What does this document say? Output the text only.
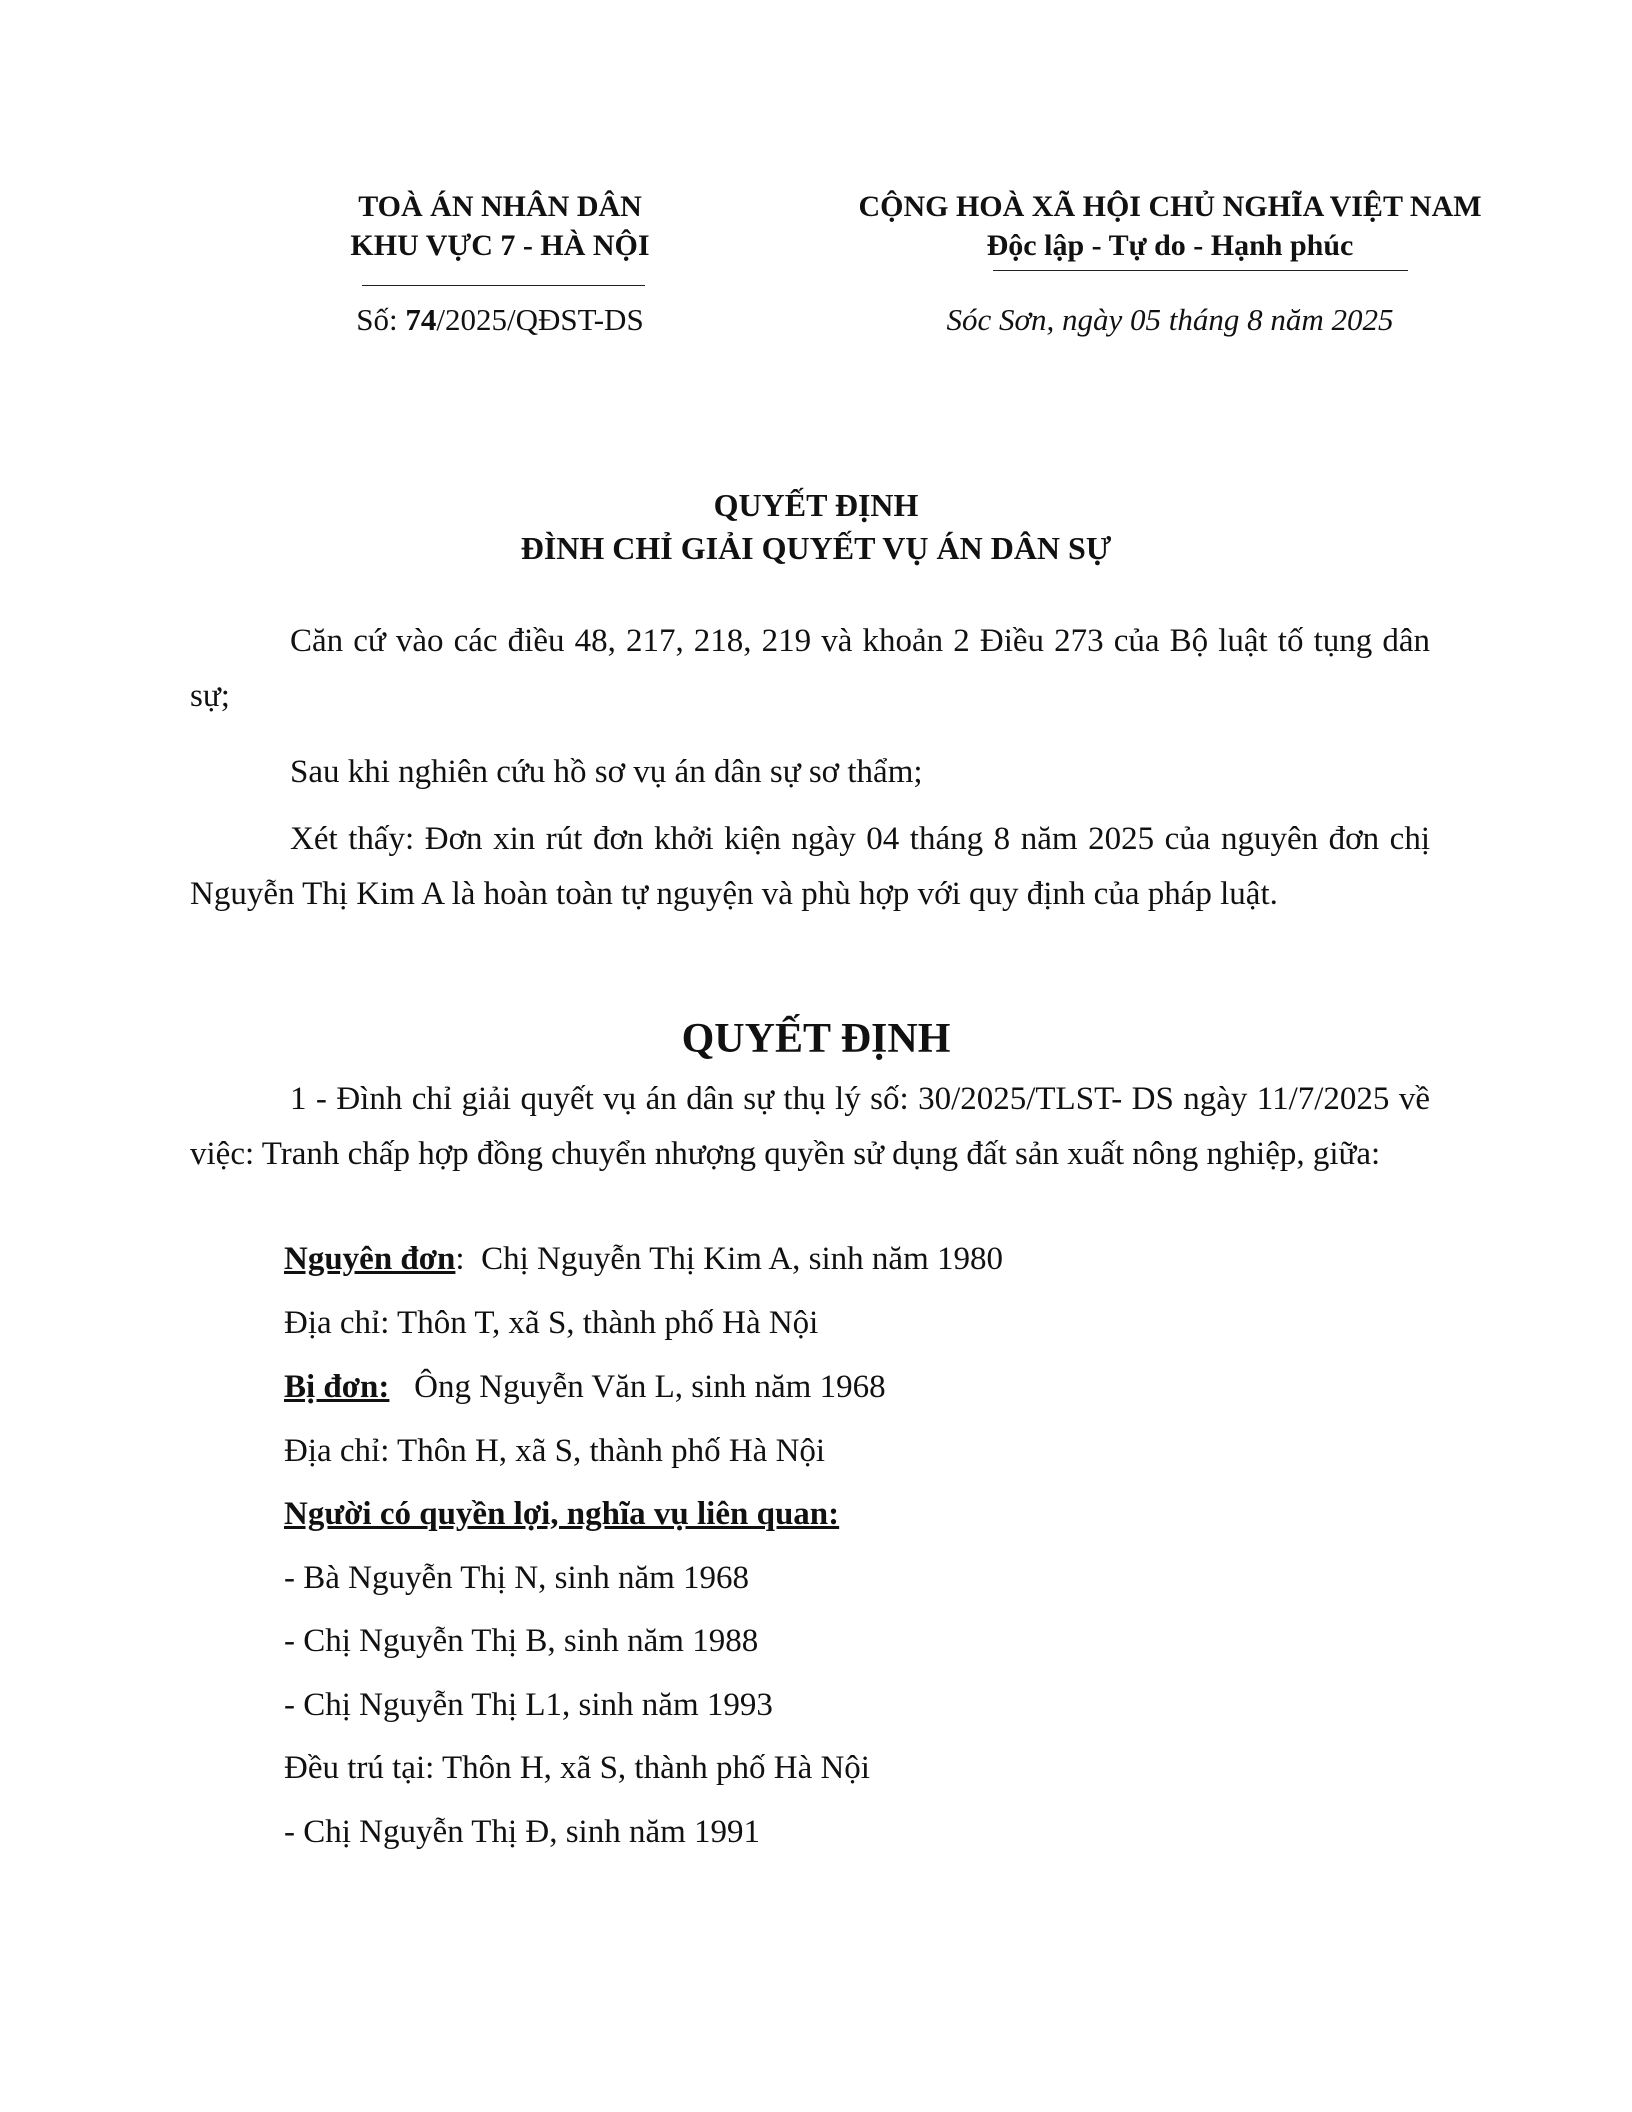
TOÀ ÁN NHÂN DÂN
KHU VỰC 7 - HÀ NỘI
CỘNG HOÀ XÃ HỘI CHỦ NGHĨA VIỆT NAM
Độc lập - Tự do - Hạnh phúc
Số: 74/2025/QĐST-DS	Sóc Sơn, ngày 05 tháng 8 năm 2025
QUYẾT ĐỊNH
ĐÌNH CHỈ GIẢI QUYẾT VỤ ÁN DÂN SỰ
Căn cứ vào các điều 48, 217, 218, 219 và khoản 2 Điều 273 của Bộ luật tố tụng dân sự;
Sau khi nghiên cứu hồ sơ vụ án dân sự sơ thẩm;
Xét thấy: Đơn xin rút đơn khởi kiện ngày 04 tháng 8 năm 2025 của nguyên đơn chị Nguyễn Thị Kim A là hoàn toàn tự nguyện và phù hợp với quy định của pháp luật.
QUYẾT ĐỊNH
1 - Đình chỉ giải quyết vụ án dân sự thụ lý số: 30/2025/TLST- DS ngày 11/7/2025 về việc: Tranh chấp hợp đồng chuyển nhượng quyền sử dụng đất sản xuất nông nghiệp, giữa:
Nguyên đơn: Chị Nguyễn Thị Kim A, sinh năm 1980
Địa chỉ: Thôn T, xã S, thành phố Hà Nội
Bị đơn: Ông Nguyễn Văn L, sinh năm 1968
Địa chỉ: Thôn H, xã S, thành phố Hà Nội
Người có quyền lợi, nghĩa vụ liên quan:
- Bà Nguyễn Thị N, sinh năm 1968
- Chị Nguyễn Thị B, sinh năm 1988
- Chị Nguyễn Thị L1, sinh năm 1993
Đều trú tại: Thôn H, xã S, thành phố Hà Nội
- Chị Nguyễn Thị Đ, sinh năm 1991
